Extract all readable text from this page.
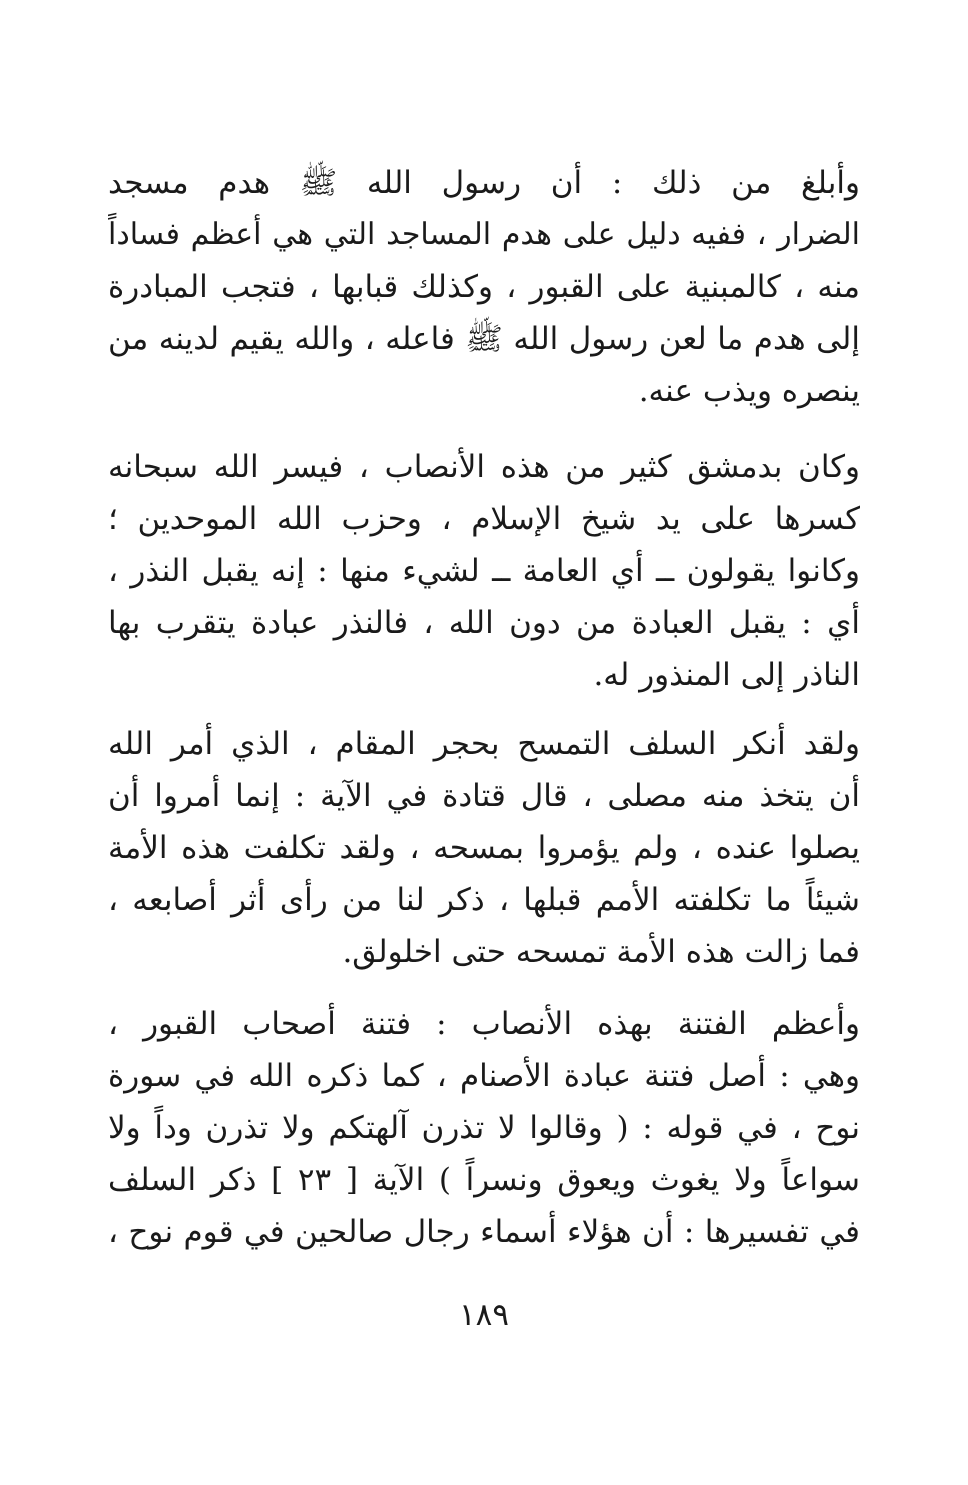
وأبلغ من ذلك : أن رسول الله ﷺ هدم مسجد
الضرار ، ففيه دليل على هدم المساجد التي هي أعظم فساداً
منه ، كالمبنية على القبور ، وكذلك قبابها ، فتجب المبادرة
إلى هدم ما لعن رسول الله ﷺ فاعله ، والله يقيم لدينه من
ينصره ويذب عنه.
وكان بدمشق كثير من هذه الأنصاب ، فيسر الله سبحانه
كسرها على يد شيخ الإسلام ، وحزب الله الموحدين ؛
وكانوا يقولون ــ أي العامة ــ لشيء منها : إنه يقبل النذر ،
أي : يقبل العبادة من دون الله ، فالنذر عبادة يتقرب بها
الناذر إلى المنذور له.
ولقد أنكر السلف التمسح بحجر المقام ، الذي أمر الله
أن يتخذ منه مصلى ، قال قتادة في الآية : إنما أمروا أن
يصلوا عنده ، ولم يؤمروا بمسحه ، ولقد تكلفت هذه الأمة
شيئاً ما تكلفته الأمم قبلها ، ذكر لنا من رأى أثر أصابعه ،
فما زالت هذه الأمة تمسحه حتى اخلولق.
وأعظم الفتنة بهذه الأنصاب : فتنة أصحاب القبور ،
وهي : أصل فتنة عبادة الأصنام ، كما ذكره الله في سورة
نوح ، في قوله : ( وقالوا لا تذرن آلهتكم ولا تذرن وداً ولا
سواعاً ولا يغوث ويعوق ونسراً ) الآية [ ٢٣ ] ذكر السلف
في تفسيرها : أن هؤلاء أسماء رجال صالحين في قوم نوح ،
١٨٩
